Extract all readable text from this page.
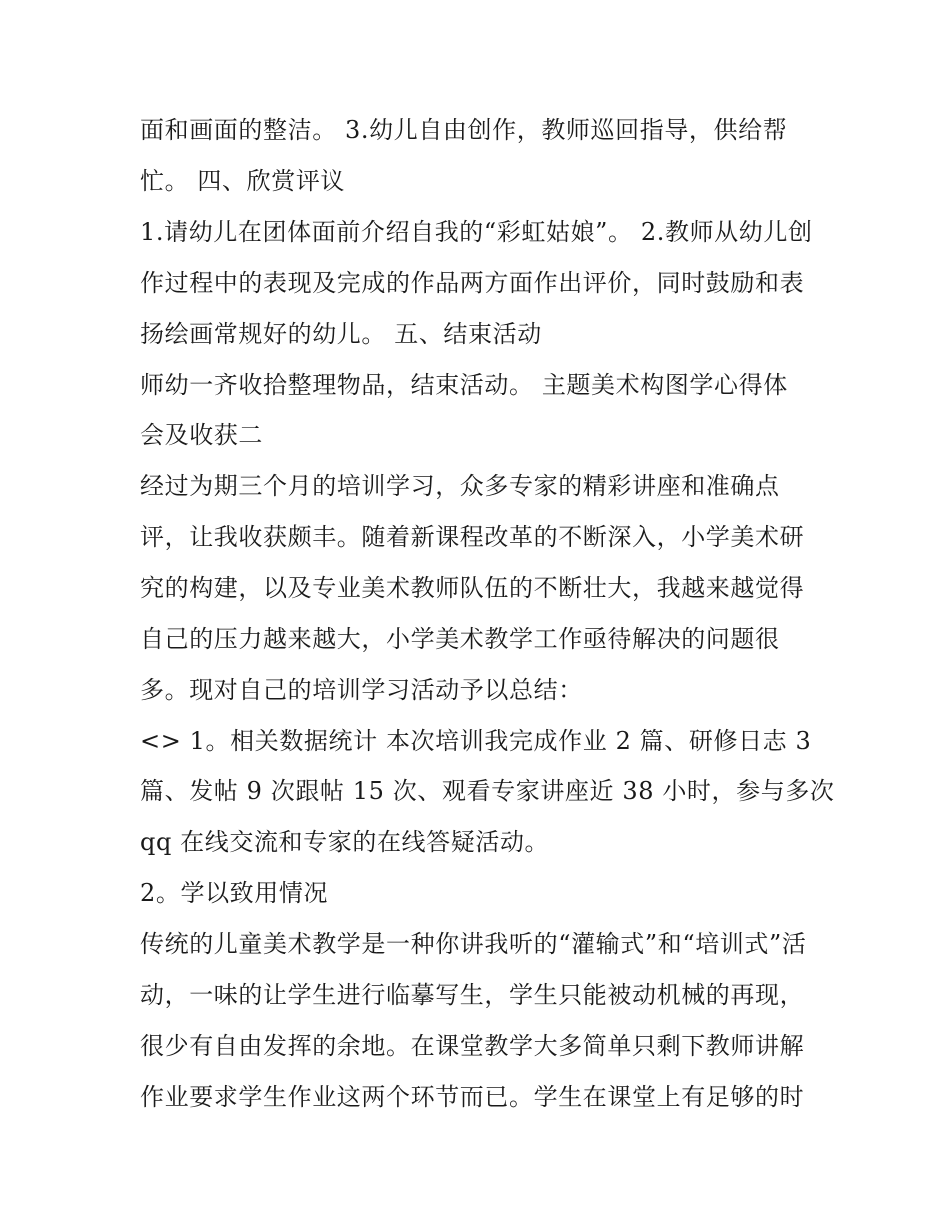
面和画面的整洁。 3.幼儿自由创作，教师巡回指导，供给帮
忙。 四、欣赏评议
1.请幼儿在团体面前介绍自我的“彩虹姑娘”。 2.教师从幼儿创
作过程中的表现及完成的作品两方面作出评价，同时鼓励和表
扬绘画常规好的幼儿。 五、结束活动
师幼一齐收拾整理物品，结束活动。 主题美术构图学心得体
会及收获二
经过为期三个月的培训学习，众多专家的精彩讲座和准确点
评，让我收获颇丰。随着新课程改革的不断深入，小学美术研
究的构建，以及专业美术教师队伍的不断壮大，我越来越觉得
自己的压力越来越大，小学美术教学工作亟待解决的问题很
多。现对自己的培训学习活动予以总结：
<> 1。相关数据统计 本次培训我完成作业 2 篇、研修日志 3
篇、发帖 9 次跟帖 15 次、观看专家讲座近 38 小时，参与多次
qq 在线交流和专家的在线答疑活动。
2。学以致用情况
传统的儿童美术教学是一种你讲我听的“灌输式”和“培训式”活
动，一味的让学生进行临摹写生，学生只能被动机械的再现，
很少有自由发挥的余地。在课堂教学大多简单只剩下教师讲解
作业要求学生作业这两个环节而已。学生在课堂上有足够的时
